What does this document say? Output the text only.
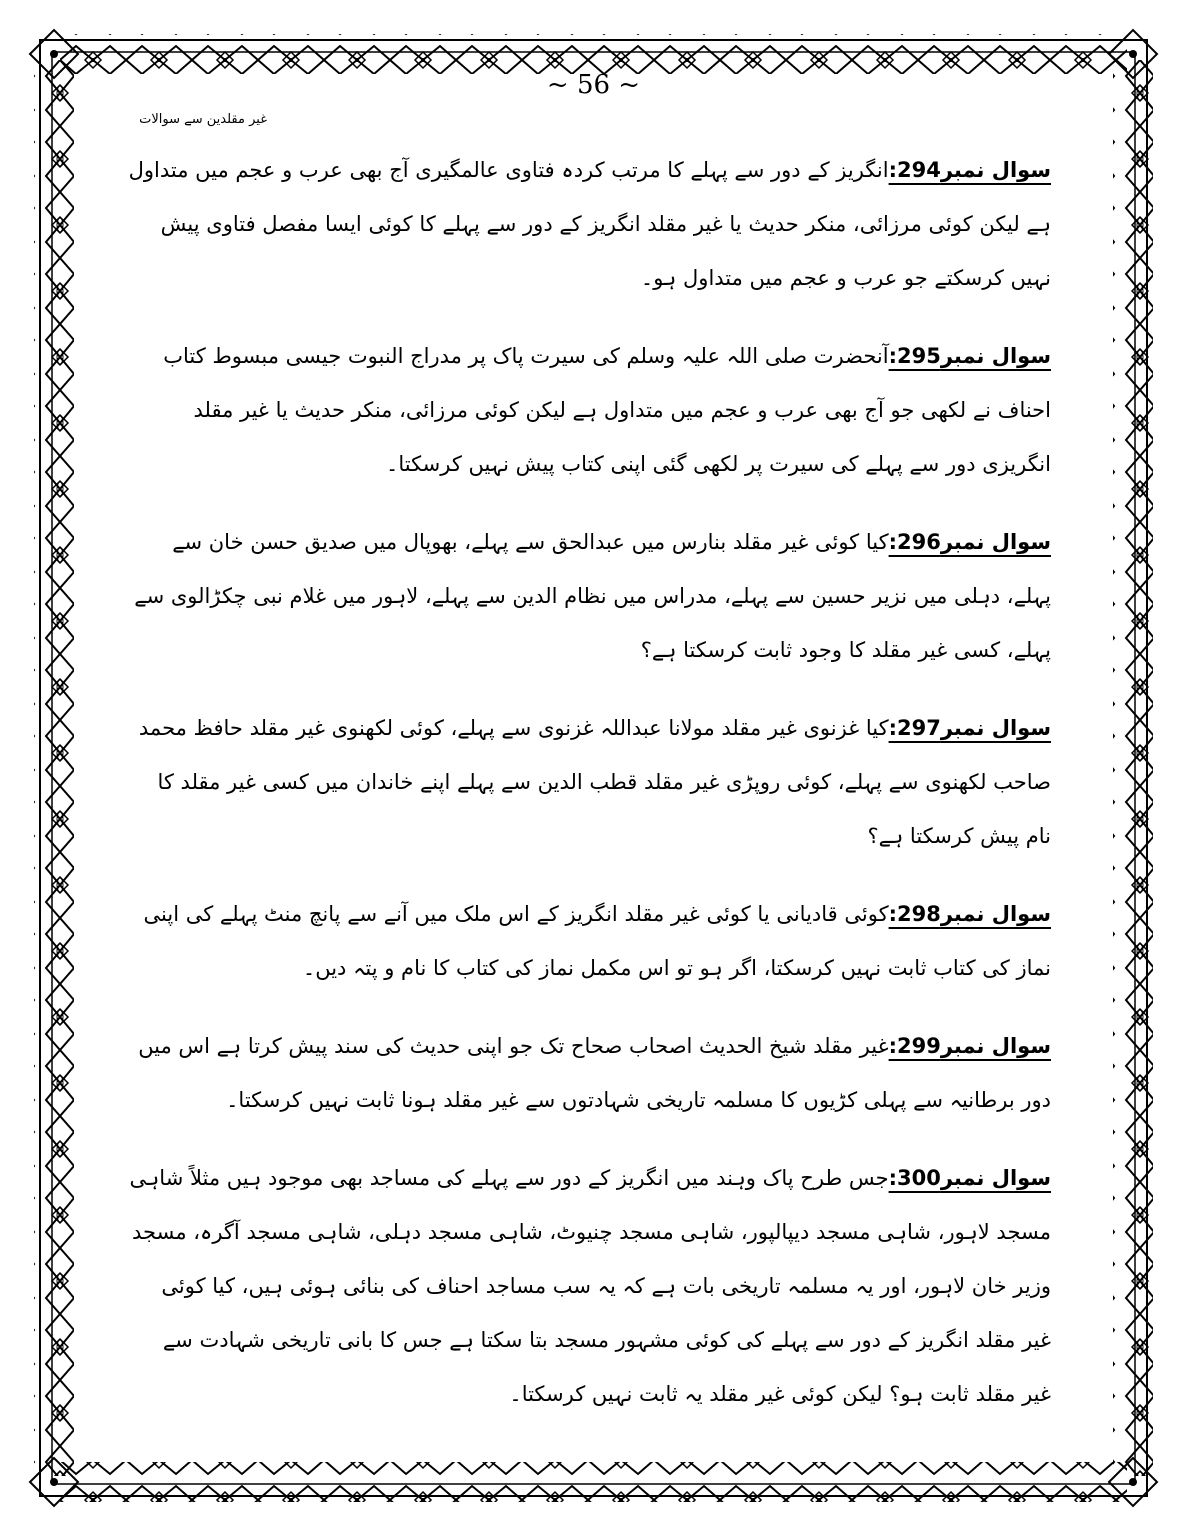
~ 56 ~
غیر مقلدین سے سوالات

سوال نمبر294:انگریز کے دور سے پہلے کا مرتب کردہ فتاوی عالمگیری آج بھی عرب و عجم میں متداول ہے لیکن کوئی مرزائی، منکر حدیث یا غیر مقلد انگریز کے دور سے پہلے کا کوئی ایسا مفصل فتاوی پیش نہیں کرسکتے جو عرب و عجم میں متداول ہو۔

سوال نمبر295:آنحضرت صلی اللہ علیہ وسلم کی سیرت پاک پر مدراج النبوت جیسی مبسوط کتاب احناف نے لکھی جو آج بھی عرب و عجم میں متداول ہے لیکن کوئی مرزائی، منکر حدیث یا غیر مقلد انگریزی دور سے پہلے کی سیرت پر لکھی گئی اپنی کتاب پیش نہیں کرسکتا۔

سوال نمبر296:کیا کوئی غیر مقلد بنارس میں عبدالحق سے پہلے، بھوپال میں صدیق حسن خان سے پہلے، دہلی میں نزیر حسین سے پہلے، مدراس میں نظام الدین سے پہلے، لاہور میں غلام نبی چکڑالوی سے پہلے، کسی غیر مقلد کا وجود ثابت کرسکتا ہے؟

سوال نمبر297:کیا غزنوی غیر مقلد مولانا عبداللہ غزنوی سے پہلے، کوئی لکھنوی غیر مقلد حافظ محمد صاحب لکھنوی سے پہلے، کوئی روپڑی غیر مقلد قطب الدین سے پہلے اپنے خاندان میں کسی غیر مقلد کا نام پیش کرسکتا ہے؟

سوال نمبر298:کوئی قادیانی یا کوئی غیر مقلد انگریز کے اس ملک میں آنے سے پانچ منٹ پہلے کی اپنی نماز کی کتاب ثابت نہیں کرسکتا، اگر ہو تو اس مکمل نماز کی کتاب کا نام و پتہ دیں۔

سوال نمبر299:غیر مقلد شیخ الحدیث اصحاب صحاح تک جو اپنی حدیث کی سند پیش کرتا ہے اس میں دور برطانیہ سے پہلی کڑیوں کا مسلمہ تاریخی شہادتوں سے غیر مقلد ہونا ثابت نہیں کرسکتا۔

سوال نمبر300:جس طرح پاک وہند میں انگریز کے دور سے پہلے کی مساجد بھی موجود ہیں مثلاً شاہی مسجد لاہور، شاہی مسجد دیپالپور، شاہی مسجد چنیوٹ، شاہی مسجد دہلی، شاہی مسجد آگرہ، مسجد وزیر خان لاہور، اور یہ مسلمہ تاریخی بات ہے کہ یہ سب مساجد احناف کی بنائی ہوئی ہیں، کیا کوئی غیر مقلد انگریز کے دور سے پہلے کی کوئی مشہور مسجد بتا سکتا ہے جس کا بانی تاریخی شہادت سے غیر مقلد ثابت ہو؟ لیکن کوئی غیر مقلد یہ ثابت نہیں کرسکتا۔
